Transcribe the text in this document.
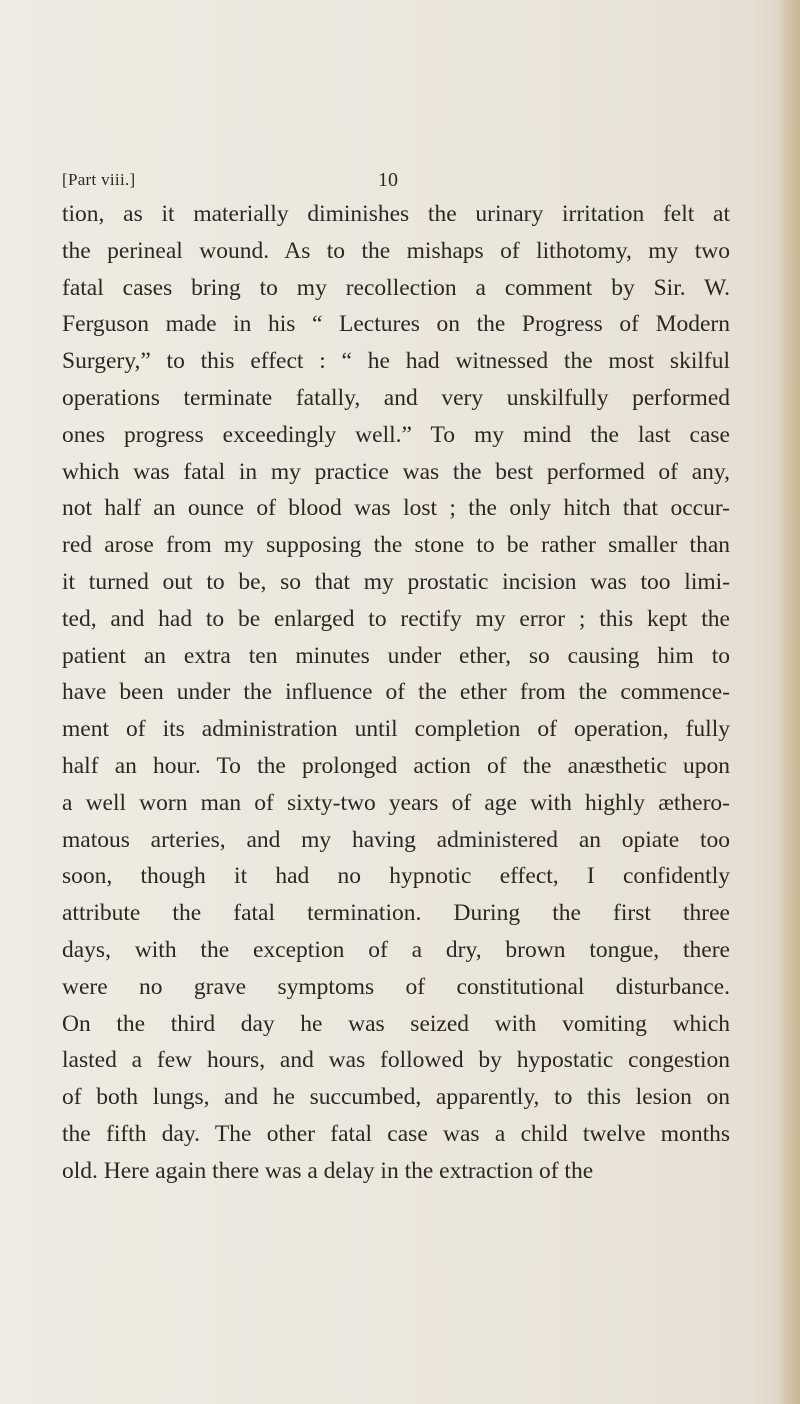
[Part viii.]	10
tion, as it materially diminishes the urinary irritation felt at
the perineal wound. As to the mishaps of lithotomy, my two
fatal cases bring to my recollection a comment by Sir. W.
Ferguson made in his “ Lectures on the Progress of Modern
Surgery,” to this effect : “ he had witnessed the most skilful
operations terminate fatally, and very unskilfully performed
ones progress exceedingly well.” To my mind the last case
which was fatal in my practice was the best performed of any,
not half an ounce of blood was lost ; the only hitch that occur-
red arose from my supposing the stone to be rather smaller than
it turned out to be, so that my prostatic incision was too limi-
ted, and had to be enlarged to rectify my error ; this kept the
patient an extra ten minutes under ether, so causing him to
have been under the influence of the ether from the commence-
ment of its administration until completion of operation, fully
half an hour. To the prolonged action of the anæsthetic upon
a well worn man of sixty-two years of age with highly æthero-
matous arteries, and my having administered an opiate too
soon, though it had no hypnotic effect, I confidently
attribute the fatal termination. During the first three
days, with the exception of a dry, brown tongue, there
were no grave symptoms of constitutional disturbance.
On the third day he was seized with vomiting which
lasted a few hours, and was followed by hypostatic congestion
of both lungs, and he succumbed, apparently, to this lesion on
the fifth day. The other fatal case was a child twelve months
old. Here again there was a delay in the extraction of the
